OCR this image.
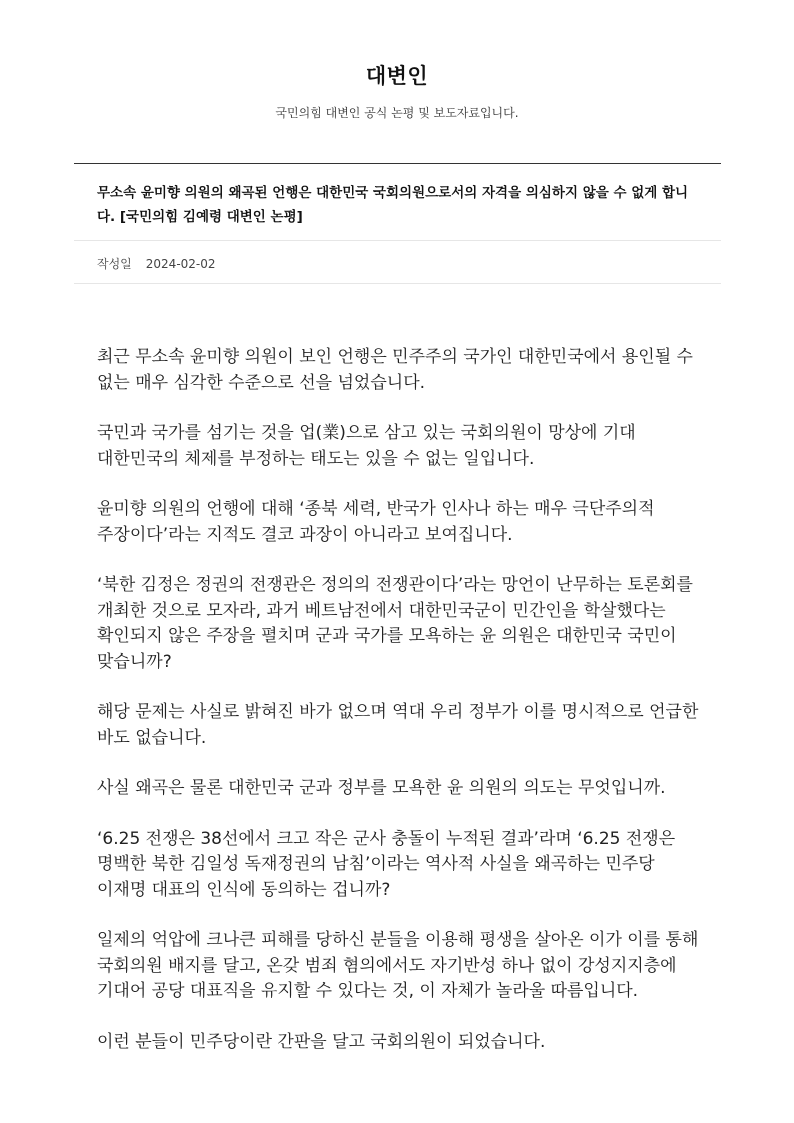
대변인
국민의힘 대변인 공식 논평 및 보도자료입니다.
무소속 윤미향 의원의 왜곡된 언행은 대한민국 국회의원으로서의 자격을 의심하지 않을 수 없게 합니다. [국민의힘 김예령 대변인 논평]
작성일 2024-02-02

최근 무소속 윤미향 의원이 보인 언행은 민주주의 국가인 대한민국에서 용인될 수 없는 매우 심각한 수준으로 선을 넘었습니다.

국민과 국가를 섬기는 것을 업(業)으로 삼고 있는 국회의원이 망상에 기대 대한민국의 체제를 부정하는 태도는 있을 수 없는 일입니다.

윤미향 의원의 언행에 대해 ‘종북 세력, 반국가 인사나 하는 매우 극단주의적 주장이다’라는 지적도 결코 과장이 아니라고 보여집니다.

‘북한 김정은 정권의 전쟁관은 정의의 전쟁관이다’라는 망언이 난무하는 토론회를 개최한 것으로 모자라, 과거 베트남전에서 대한민국군이 민간인을 학살했다는 확인되지 않은 주장을 펼치며 군과 국가를 모욕하는 윤 의원은 대한민국 국민이 맞습니까?

해당 문제는 사실로 밝혀진 바가 없으며 역대 우리 정부가 이를 명시적으로 언급한 바도 없습니다.

사실 왜곡은 물론 대한민국 군과 정부를 모욕한 윤 의원의 의도는 무엇입니까.

‘6.25 전쟁은 38선에서 크고 작은 군사 충돌이 누적된 결과’라며 ‘6.25 전쟁은 명백한 북한 김일성 독재정권의 남침’이라는 역사적 사실을 왜곡하는 민주당 이재명 대표의 인식에 동의하는 겁니까?

일제의 억압에 크나큰 피해를 당하신 분들을 이용해 평생을 살아온 이가 이를 통해 국회의원 배지를 달고, 온갖 범죄 혐의에서도 자기반성 하나 없이 강성지지층에 기대어 공당 대표직을 유지할 수 있다는 것, 이 자체가 놀라울 따름입니다.

이런 분들이 민주당이란 간판을 달고 국회의원이 되었습니다.
